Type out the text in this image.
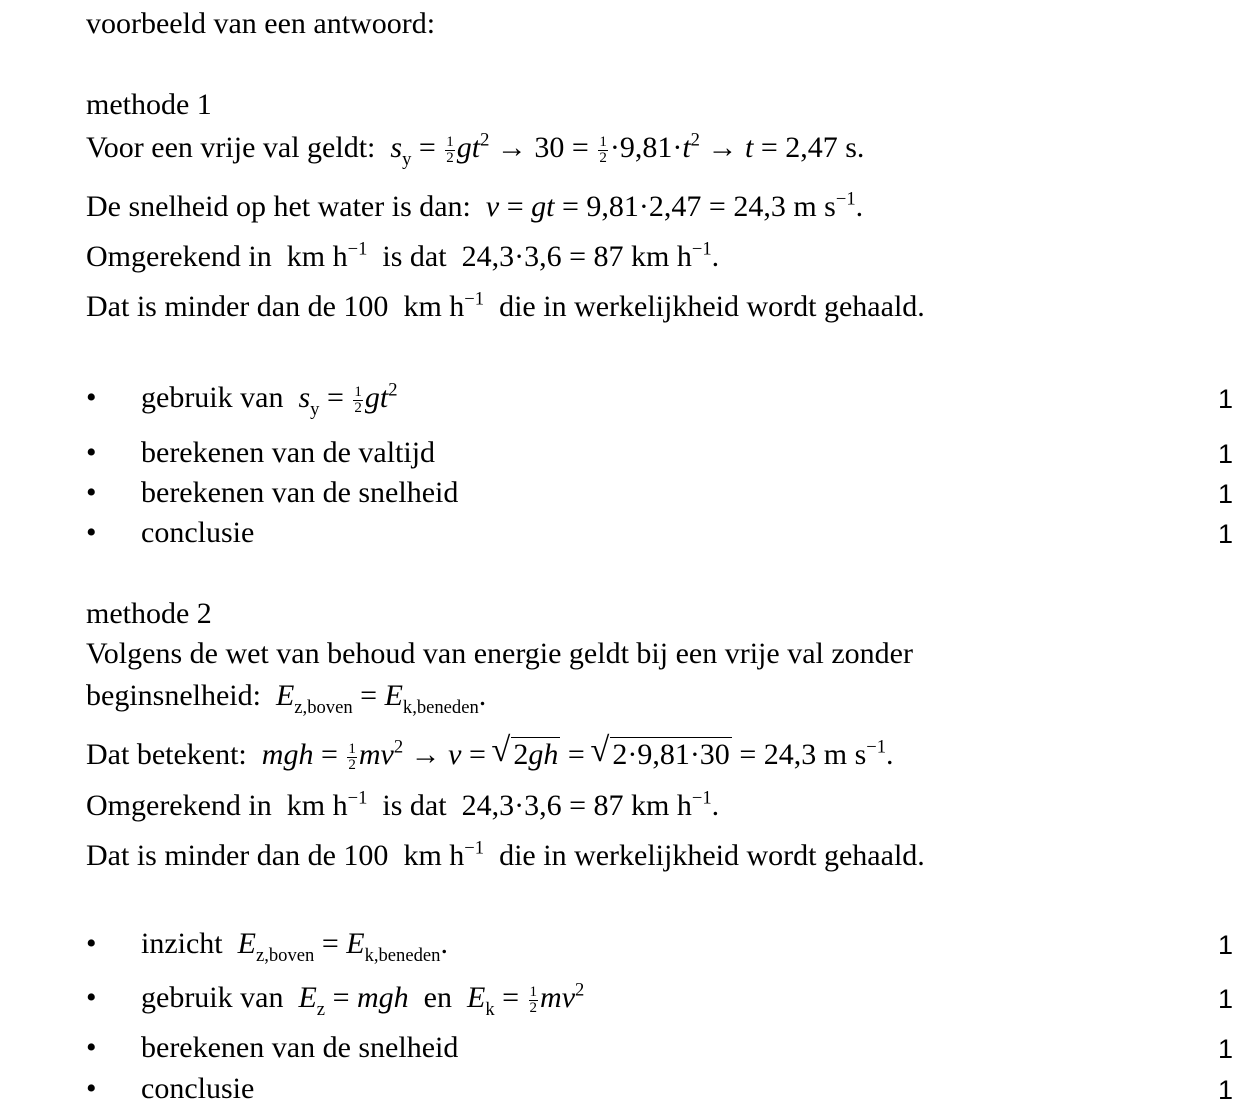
voorbeeld van een antwoord:
methode 1
Voor een vrije val geldt: $s_y = \frac{1}{2} gt^2 \to 30 = \frac{1}{2} \cdot 9,81\cdot t^2 \to t = 2,47$ s.
De snelheid op het water is dan: v = gt = 9,81·2,47 = 24,3 m $s^{-1}$.
Omgerekend in  km $h^{-1}$ is dat  24,3·3,6 = 87 km $h^{-1}$.
Dat is minder dan de 100  km $h^{-1}$ die in werkelijkheid wordt gehaald.
• gebruik van $s_y = \frac{1}{2} gt^2$	1
• berekenen van de valtijd	1
• berekenen van de snelheid	1
• conclusie	1
methode 2
Volgens de wet van behoud van energie geldt bij een vrije val zonder
beginsnelheid: $E_{z,boven} = E_{k,beneden}$.
Dat betekent: mgh = $\frac{1}{2} mv^2 \to v$ = √ 2gh = √ 2·9,81·30 = 24,3 m $s^{-1}$.
Omgerekend in  km $h^{-1}$ is dat  24,3·3,6 = 87 km $h^{-1}$.
Dat is minder dan de 100  km $h^{-1}$ die in werkelijkheid wordt gehaald.
• inzicht $E_{z,boven} = E_{k,beneden}$.	1
• gebruik van $E_z$ = mgh en $E_k = \frac{1}{2} mv^2$	1
• berekenen van de snelheid	1
• conclusie	1
